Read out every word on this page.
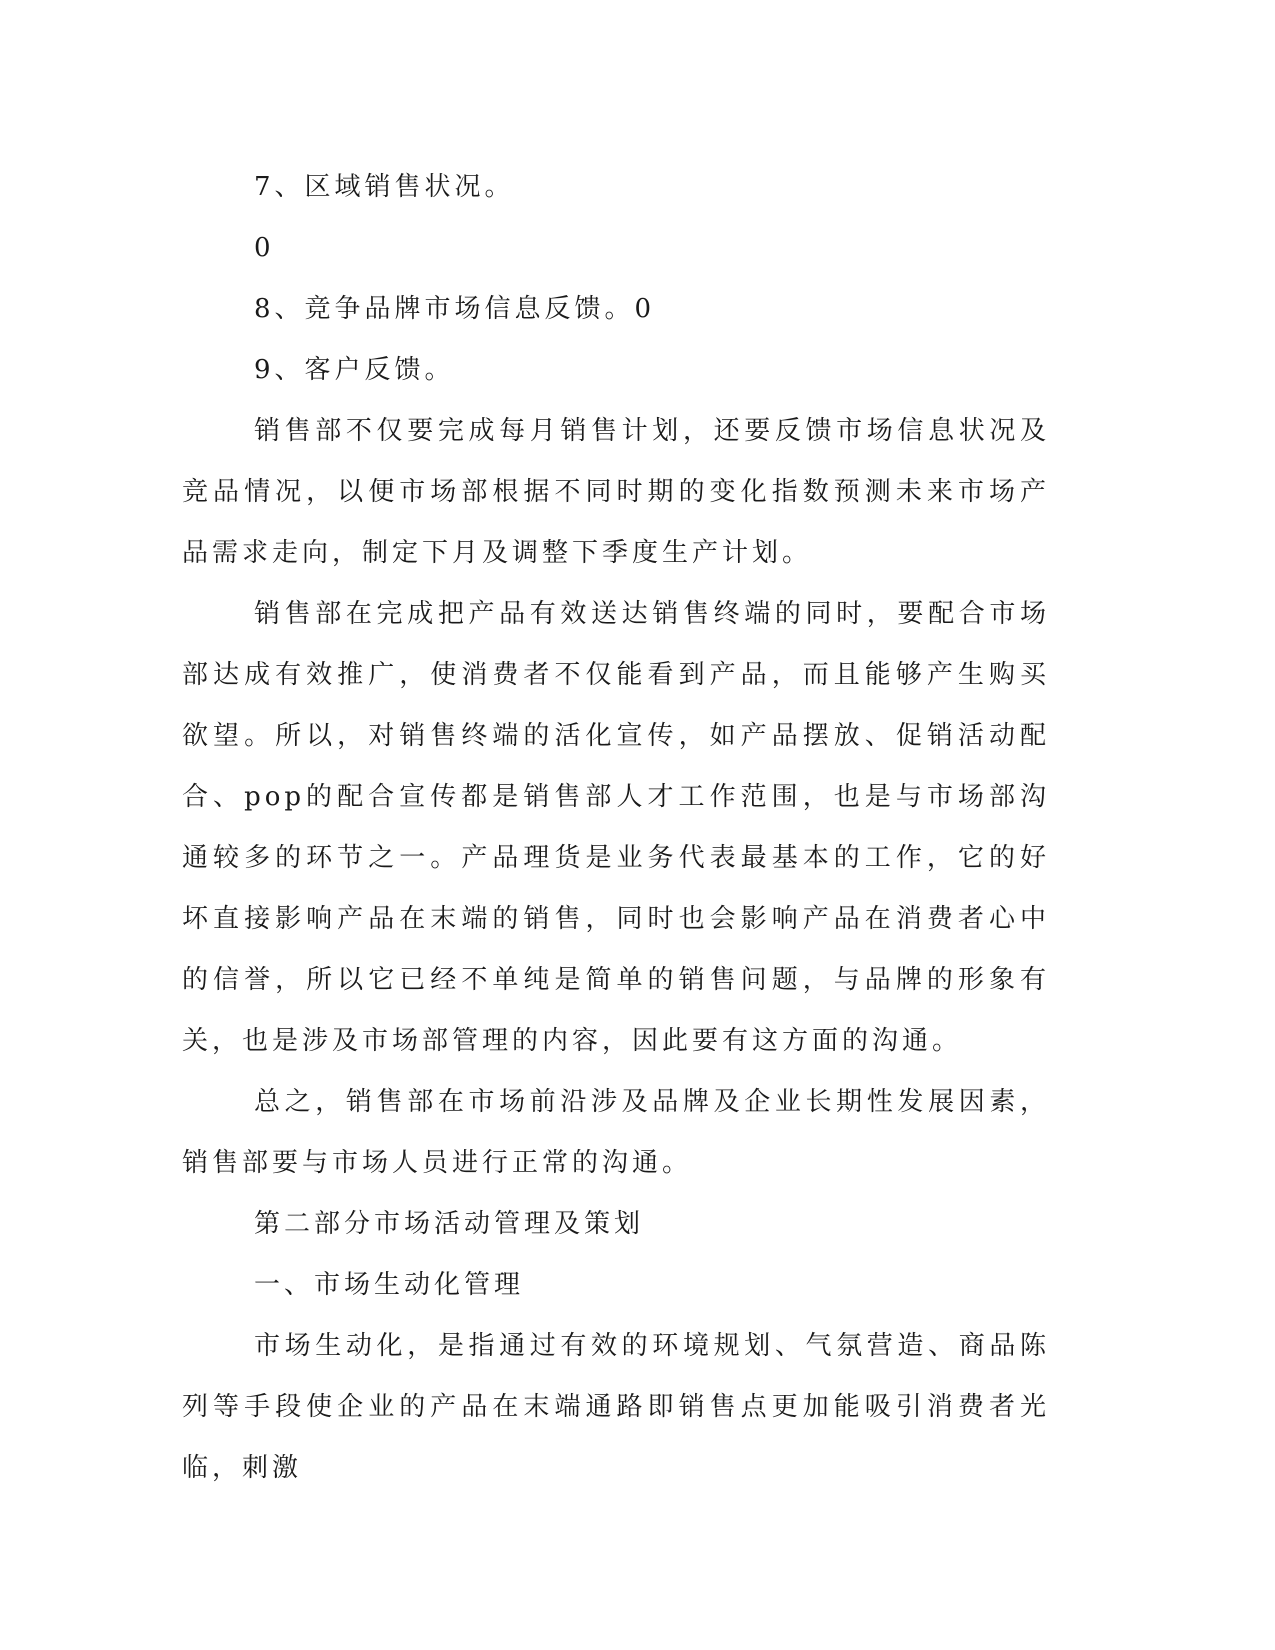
7、区域销售状况。

0

8、竞争品牌市场信息反馈。0

9、客户反馈。

销售部不仅要完成每月销售计划，还要反馈市场信息状况及竞品情况，以便市场部根据不同时期的变化指数预测未来市场产品需求走向，制定下月及调整下季度生产计划。

销售部在完成把产品有效送达销售终端的同时，要配合市场部达成有效推广，使消费者不仅能看到产品，而且能够产生购买欲望。所以，对销售终端的活化宣传，如产品摆放、促销活动配合、pop的配合宣传都是销售部人才工作范围，也是与市场部沟通较多的环节之一。产品理货是业务代表最基本的工作，它的好坏直接影响产品在末端的销售，同时也会影响产品在消费者心中的信誉，所以它已经不单纯是简单的销售问题，与品牌的形象有关，也是涉及市场部管理的内容，因此要有这方面的沟通。

总之，销售部在市场前沿涉及品牌及企业长期性发展因素，销售部要与市场人员进行正常的沟通。

第二部分市场活动管理及策划

一、市场生动化管理

市场生动化，是指通过有效的环境规划、气氛营造、商品陈列等手段使企业的产品在末端通路即销售点更加能吸引消费者光临，刺激
